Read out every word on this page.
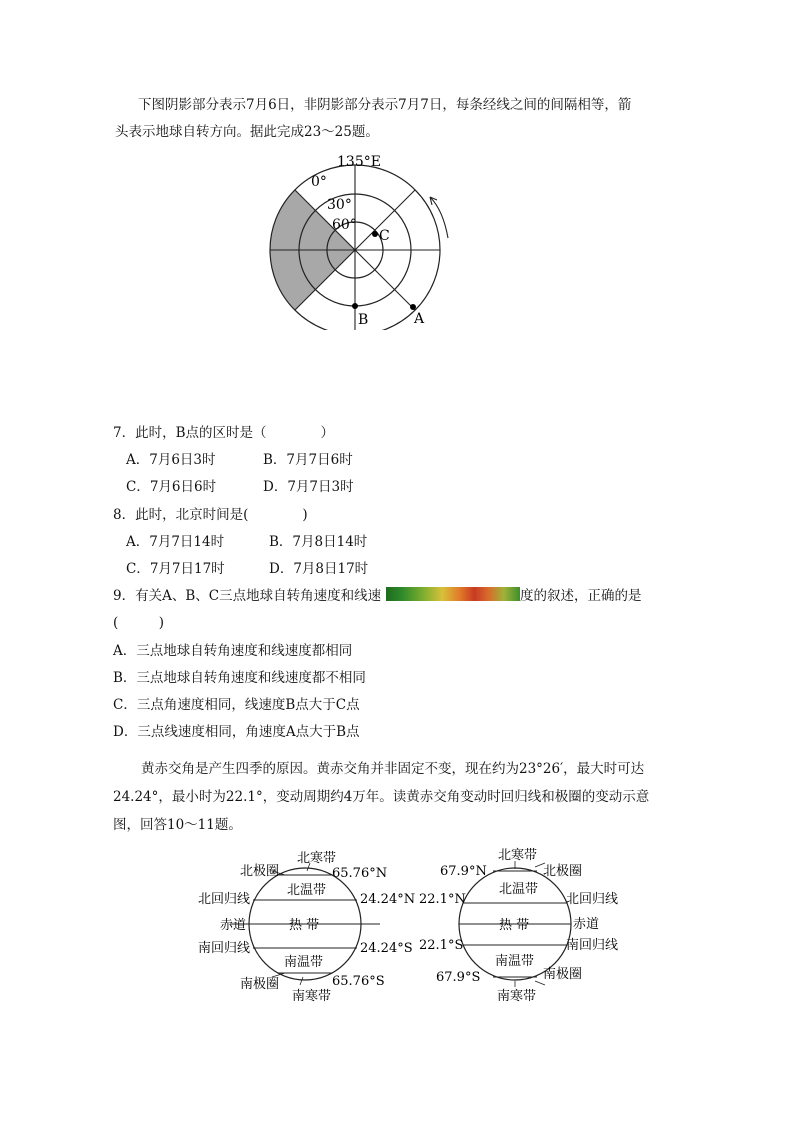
下图阴影部分表示7月6日，非阴影部分表示7月7日，每条经线之间的间隔相等，箭
头表示地球自转方向。据此完成23～25题。
135°E
0°
30°
60°
C
B	A
7．此时，B点的区时是（　　　　）
A．7月6日3时	B．7月7日6时
C．7月6日6时	D．7月7日3时
8．此时，北京时间是(　　　　)
A．7月7日14时	B．7月8日14时
C．7月7日17时	D．7月8日17时
9．有关A、B、C三点地球自转角速度和线速	度的叙述，正确的是
(　　　)
A．三点地球自转角速度和线速度都相同
B．三点地球自转角速度和线速度都不相同
C．三点角速度相同，线速度B点大于C点
D．三点线速度相同，角速度A点大于B点
黄赤交角是产生四季的原因。黄赤交角并非固定不变，现在约为23°26′，最大时可达
24.24°，最小时为22.1°，变动周期约4万年。读黄赤交角变动时回归线和极圈的变动示意
图，回答10～11题。
北寒带
北极圈	65.76°N
北温带
北回归线	24.24°N
赤道	热 带
南回归线	24.24°S
南温带
南极圈	65.76°S
南寒带
北寒带
67.9°N	北极圈
北温带
22.1°N	北回归线
热 带	赤道
22.1°S	南回归线
南温带
67.9°S	南极圈
南寒带
